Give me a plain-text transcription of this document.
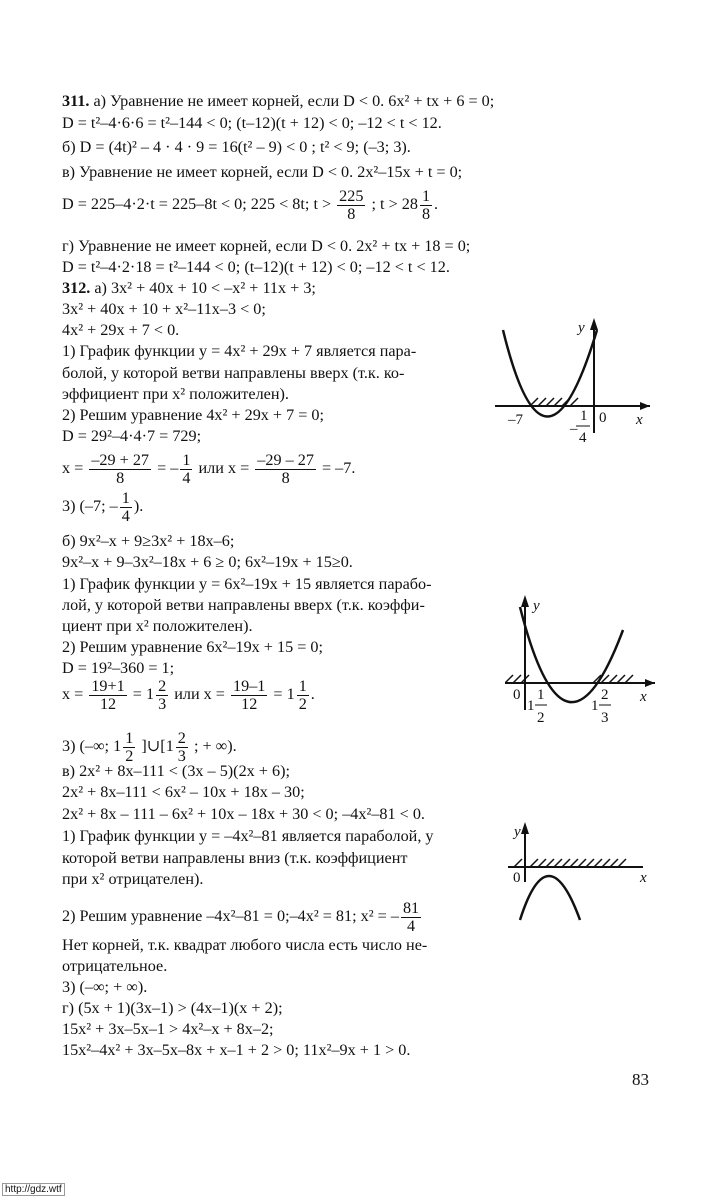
311. а) Уравнение не имеет корней, если D < 0. 6x² + tx + 6 = 0;
D = t²–4·6·6 = t²–144 < 0; (t–12)(t + 12) < 0; –12 < t < 12.
б) D = (4t)² – 4 · 4 · 9 = 16(t² – 9) < 0 ; t² < 9; (–3; 3).
в) Уравнение не имеет корней, если D < 0. 2x²–15x + t = 0;
D = 225–4·2·t = 225–8t < 0; 225 < 8t; $t > \frac{225}{8}$ ; $t > 28 \frac{1}{8}$ .
г) Уравнение не имеет корней, если D < 0. 2x² + tx + 18 = 0;
D = t²–4·2·18 = t²–144 < 0; (t–12)(t + 12) < 0; –12 < t < 12.
312. а) 3x² + 40x + 10 < –x² + 11x + 3;
3x² + 40x + 10 + x²–11x–3 < 0;
4x² + 29x + 7 < 0.
1) График функции y = 4x² + 29x + 7 является пара-
болой, у которой ветви направлены вверх (т.к. ко-
эффициент при x² положителен).
2) Решим уравнение 4x² + 29x + 7 = 0;
D = 29²–4·4·7 = 729;
$x = \frac{-29 + 27}{8}$ = – $\frac{1}{4}$ или $x = \frac{-29 - 27}{8} = -7$.
3) (–7; – $\frac{1}{4}$ ).
б) 9x²–x + 9≥3x² + 18x–6;
9x²–x + 9–3x²–18x + 6 ≥ 0; 6x²–19x + 15≥0.
1) График функции y = 6x²–19x + 15 является парабо-
лой, у которой ветви направлены вверх (т.к. коэффи-
циент при x² положителен).
2) Решим уравнение 6x²–19x + 15 = 0;
D = 19²–360 = 1;
$x = \frac{19+1}{12} = 1 \frac{2}{3}$ или $x = \frac{19-1}{12} = 1 \frac{1}{2}$ .
3) (–∞; $1 \frac{1}{2}$ ]∪[1 $\frac{2}{3}$ ; + ∞).
в) 2x² + 8x–111 < (3x – 5)(2x + 6);
2x² + 8x–111 < 6x² – 10x + 18x – 30;
2x² + 8x – 111 – 6x² + 10x – 18x + 30 < 0; –4x²–81 < 0.
1) График функции y = –4x²–81 является параболой, у
которой ветви направлены вниз (т.к. коэффициент
при x² отрицателен).
2) Решим уравнение –4x²–81 = 0;–4x² = 81; x² = – $\frac{81}{4}$
Нет корней, т.к. квадрат любого числа есть число не-
отрицательное.
3) (–∞; + ∞).
г) (5x + 1)(3x–1) > (4x–1)(x + 2);
15x² + 3x–5x–1 > 4x²–x + 8x–2;
15x²–4x² + 3x–5x–8x + x–1 + 2 > 0; 11x²–9x + 1 > 0.
y
x
–7	0
–
1
4
y
x
0
1
1
2
1
2
3
y
x
0
83
http://gdz.wtf
